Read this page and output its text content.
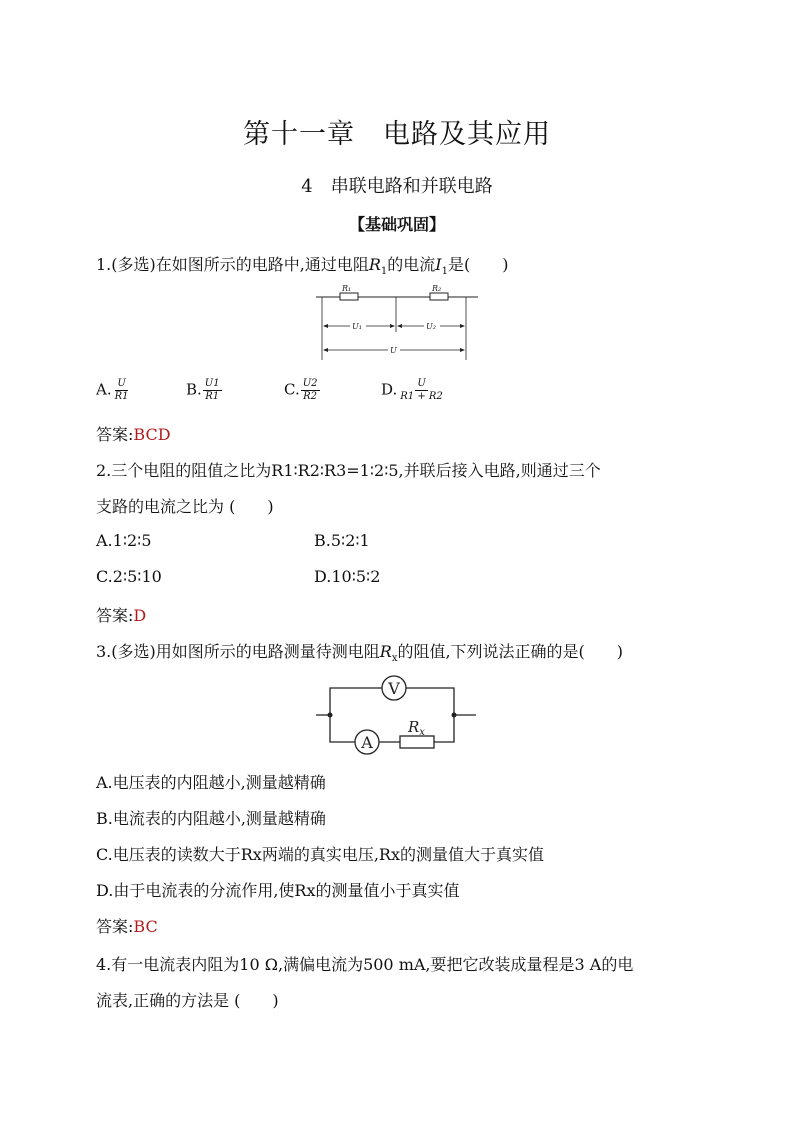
第十一章　电路及其应用
4　串联电路和并联电路
【基础巩固】
1.(多选)在如图所示的电路中,通过电阻$R_1$的电流$I_1$是(　　)
R₁	R₂
U₁	U₂
U
A. $\frac{U}{R1}$	B. $\frac{U1}{R1}$	C. $\frac{U2}{R2}$	D. $\frac{U}{R1 + R2}$
答案:BCD
2.三个电阻的阻值之比为R1∶R2∶R3=1∶2∶5,并联后接入电路,则通过三个
支路的电流之比为 (　　)
A.1∶2∶5	B.5∶2∶1
C.2∶5∶10	D.10∶5∶2
答案:D
3.(多选)用如图所示的电路测量待测电阻$R_x$的阻值,下列说法正确的是(　　)
V
A
$R_x$
A.电压表的内阻越小,测量越精确
B.电流表的内阻越小,测量越精确
C.电压表的读数大于Rx两端的真实电压,Rx的测量值大于真实值
D.由于电流表的分流作用,使Rx的测量值小于真实值
答案:BC
4.有一电流表内阻为10 Ω,满偏电流为500 mA,要把它改装成量程是3 A的电
流表,正确的方法是 (　　)
